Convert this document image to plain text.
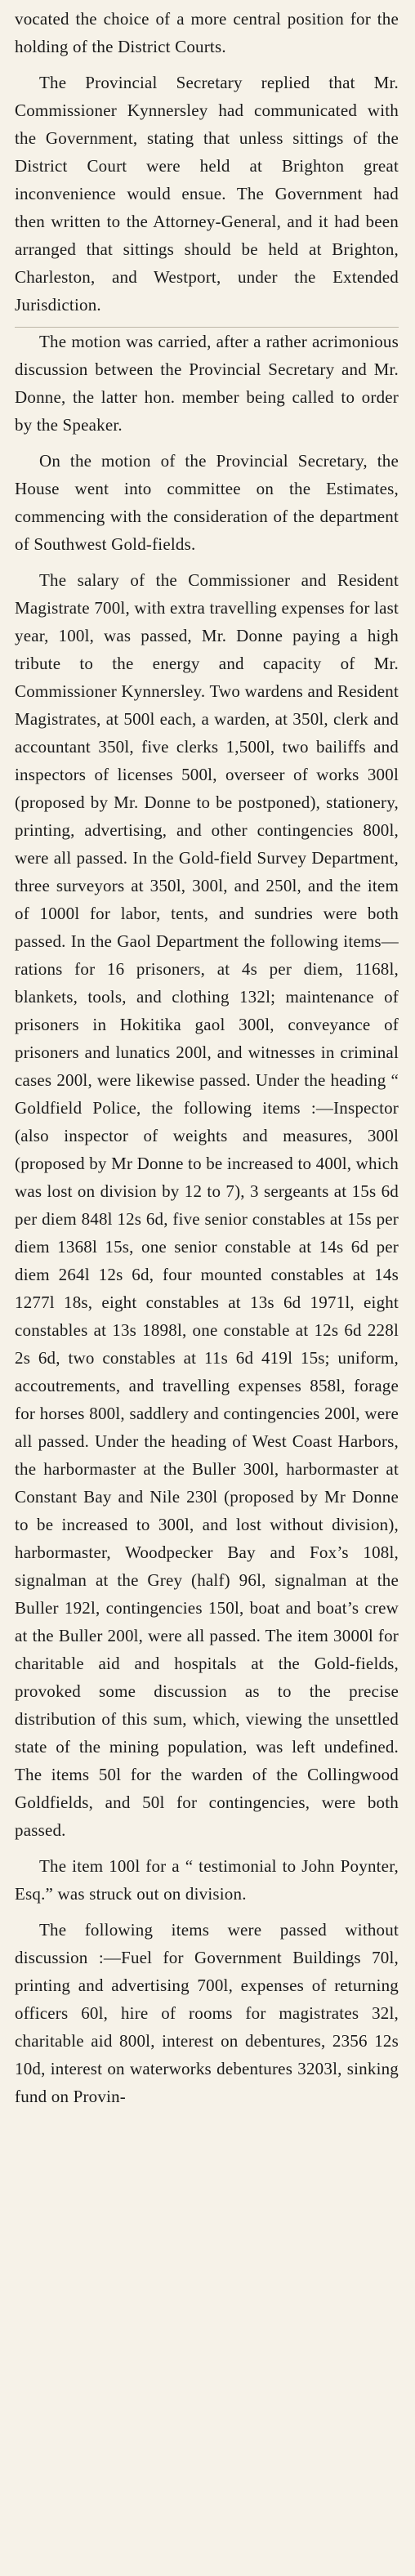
vocated the choice of a more central position for the holding of the District Courts.

The Provincial Secretary replied that Mr. Commissioner Kynnersley had communicated with the Government, stating that unless sittings of the District Court were held at Brighton great inconvenience would ensue. The Government had then written to the Attorney-General, and it had been arranged that sittings should be held at Brighton, Charleston, and Westport, under the Extended Jurisdiction.

The motion was carried, after a rather acrimonious discussion between the Provincial Secretary and Mr. Donne, the latter hon. member being called to order by the Speaker.

On the motion of the Provincial Secretary, the House went into committee on the Estimates, commencing with the consideration of the department of Southwest Gold-fields.

The salary of the Commissioner and Resident Magistrate 700l, with extra travelling expenses for last year, 100l, was passed, Mr. Donne paying a high tribute to the energy and capacity of Mr. Commissioner Kynnersley. Two wardens and Resident Magistrates, at 500l each, a warden, at 350l, clerk and accountant 350l, five clerks 1,500l, two bailiffs and inspectors of licenses 500l, overseer of works 300l (proposed by Mr. Donne to be postponed), stationery, printing, advertising, and other contingencies 800l, were all passed. In the Gold-field Survey Department, three surveyors at 350l, 300l, and 250l, and the item of 1000l for labor, tents, and sundries were both passed. In the Gaol Department the following items—rations for 16 prisoners, at 4s per diem, 1168l, blankets, tools, and clothing 132l; maintenance of prisoners in Hokitika gaol 300l, conveyance of prisoners and lunatics 200l, and witnesses in criminal cases 200l, were likewise passed. Under the heading “ Goldfield Police, the following items :—Inspector (also inspector of weights and measures, 300l (proposed by Mr Donne to be increased to 400l, which was lost on division by 12 to 7), 3 sergeants at 15s 6d per diem 848l 12s 6d, five senior constables at 15s per diem 1368l 15s, one senior constable at 14s 6d per diem 264l 12s 6d, four mounted constables at 14s 1277l 18s, eight constables at 13s 6d 1971l, eight constables at 13s 1898l, one constable at 12s 6d 228l 2s 6d, two constables at 11s 6d 419l 15s; uniform, accoutrements, and travelling expenses 858l, forage for horses 800l, saddlery and contingencies 200l, were all passed. Under the heading of West Coast Harbors, the harbormaster at the Buller 300l, harbormaster at Constant Bay and Nile 230l (proposed by Mr Donne to be increased to 300l, and lost without division), harbormaster, Woodpecker Bay and Fox’s 108l, signalman at the Grey (half) 96l, signalman at the Buller 192l, contingencies 150l, boat and boat’s crew at the Buller 200l, were all passed. The item 3000l for charitable aid and hospitals at the Gold-fields, provoked some discussion as to the precise distribution of this sum, which, viewing the unsettled state of the mining population, was left undefined. The items 50l for the warden of the Collingwood Goldfields, and 50l for contingencies, were both passed.

The item 100l for a “ testimonial to John Poynter, Esq.” was struck out on division.

The following items were passed without discussion :—Fuel for Government Buildings 70l, printing and advertising 700l, expenses of returning officers 60l, hire of rooms for magistrates 32l, charitable aid 800l, interest on debentures, 2356 12s 10d, interest on waterworks debentures 3203l, sinking fund on Provin-
